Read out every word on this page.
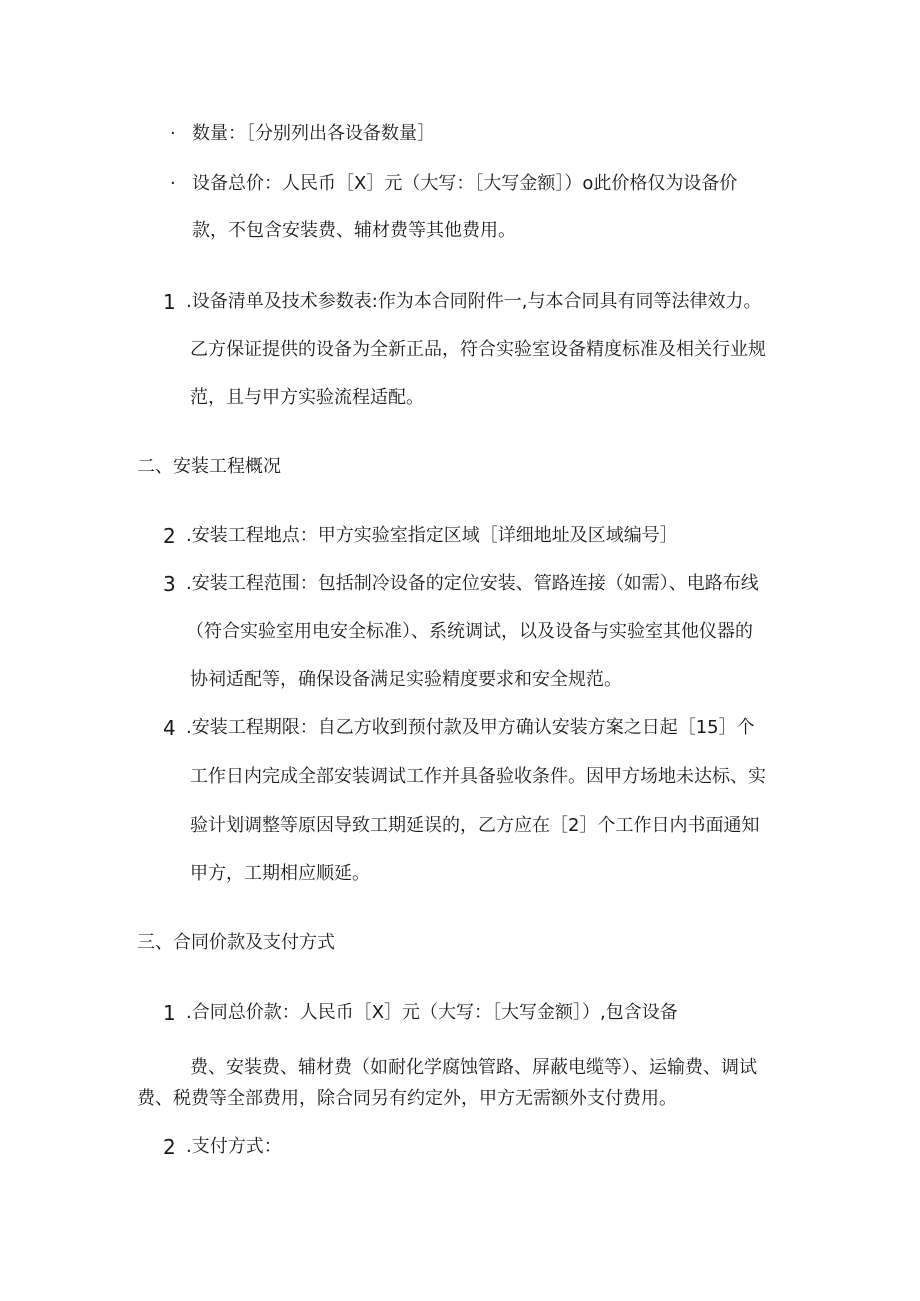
· 数量：［分别列出各设备数量］
· 设备总价：人民币［X］元（大写：［大写金额］）o此价格仅为设备价
款，不包含安装费、辅材费等其他费用。
1 .设备清单及技术参数表:作为本合同附件一,与本合同具有同等法律效力。
乙方保证提供的设备为全新正品，符合实验室设备精度标准及相关行业规
范，且与甲方实验流程适配。
二、安装工程概况
2 .安装工程地点：甲方实验室指定区域［详细地址及区域编号］
3 .安装工程范围：包括制冷设备的定位安装、管路连接（如需）、电路布线
（符合实验室用电安全标准）、系统调试，以及设备与实验室其他仪器的
协祠适配等，确保设备满足实验精度要求和安全规范。
4 .安装工程期限：自乙方收到预付款及甲方确认安装方案之日起［15］个
工作日内完成全部安装调试工作并具备验收条件。因甲方场地未达标、实
验计划调整等原因导致工期延误的，乙方应在［2］个工作日内书面通知
甲方，工期相应顺延。
三、合同价款及支付方式
1 .合同总价款：人民币［X］元（大写：［大写金额］）,包含设备
费、安装费、辅材费（如耐化学腐蚀管路、屏蔽电缆等）、运输费、调试
费、税费等全部费用，除合同另有约定外，甲方无需额外支付费用。
2 .支付方式：
